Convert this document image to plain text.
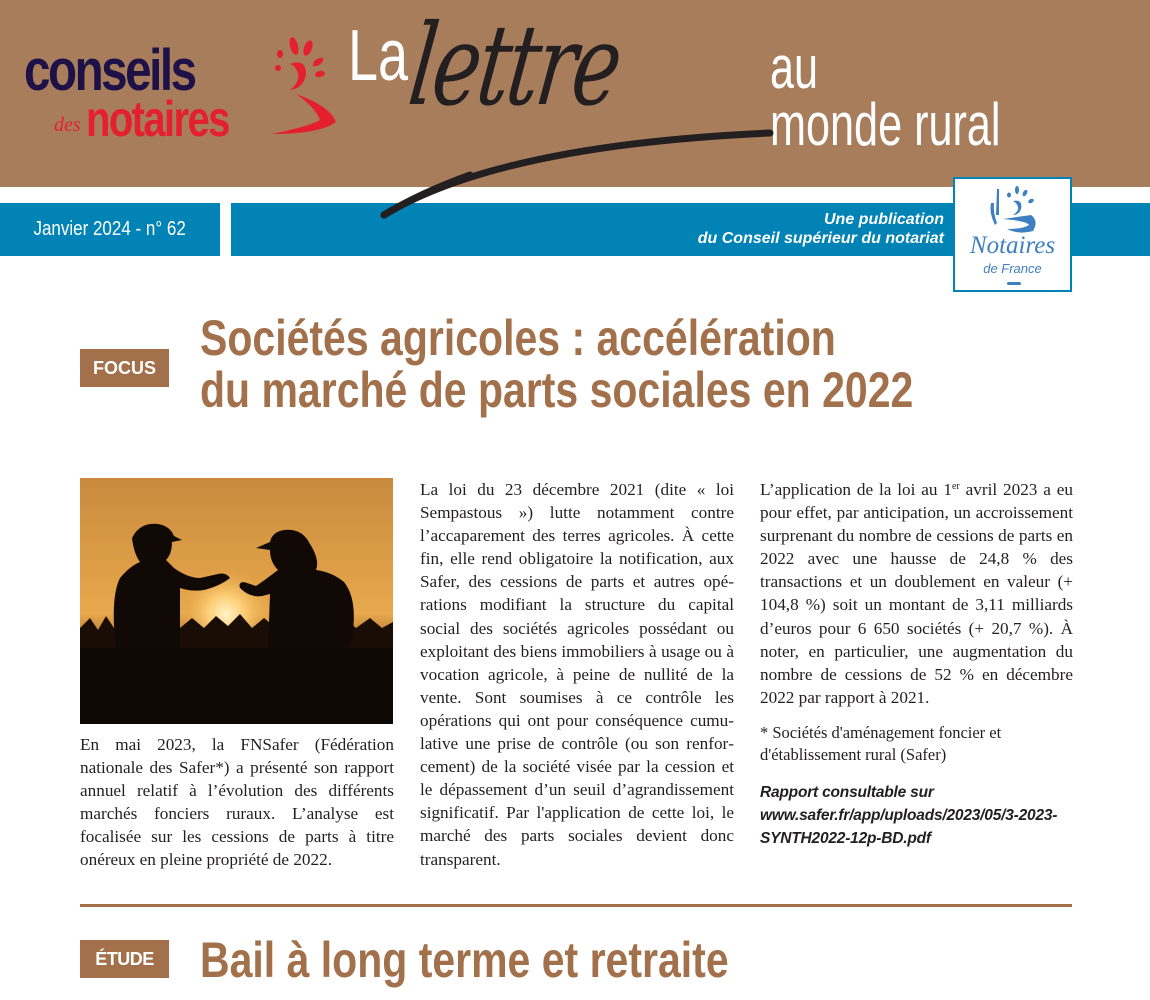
conseils
des notaires
La
lettre au
monde rural
Janvier 2024 - n° 62	Une publication
du Conseil supérieur du notariat	Notaires
de France
FOCUS
Sociétés agricoles : accélération
du marché de parts sociales en 2022

En mai 2023, la FNSafer (Fédération nationale des Safer*) a présenté son rapport annuel relatif à l’évolution des différents marchés fonciers ruraux. L’analyse est focalisée sur les cessions de parts à titre onéreux en pleine propriété de 2022.

La loi du 23 décembre 2021 (dite « loi Sempastous ») lutte notamment contre l’accaparement des terres agricoles. À cette fin, elle rend obligatoire la notification, aux Safer, des cessions de parts et autres opérations modifiant la structure du capital social des sociétés agricoles possédant ou exploitant des biens immobiliers à usage ou à vocation agricole, à peine de nullité de la vente. Sont soumises à ce contrôle les opérations qui ont pour conséquence cumulative une prise de contrôle (ou son renforcement) de la société visée par la cession et le dépassement d’un seuil d’agrandissement significatif. Par l'application de cette loi, le marché des parts sociales devient donc transparent.

L’application de la loi au 1er avril 2023 a eu pour effet, par anticipation, un accroissement surprenant du nombre de cessions de parts en 2022 avec une hausse de 24,8 % des transactions et un doublement en valeur (+ 104,8 %) soit un montant de 3,11 milliards d’euros pour 6 650 sociétés (+ 20,7 %). À noter, en particulier, une augmentation du nombre de cessions de 52 % en décembre 2022 par rapport à 2021.

* Sociétés d'aménagement foncier et d'établissement rural (Safer)

Rapport consultable sur
www.safer.fr/app/uploads/2023/05/3-2023-SYNTH2022-12p-BD.pdf

ÉTUDE Bail à long terme et retraite
